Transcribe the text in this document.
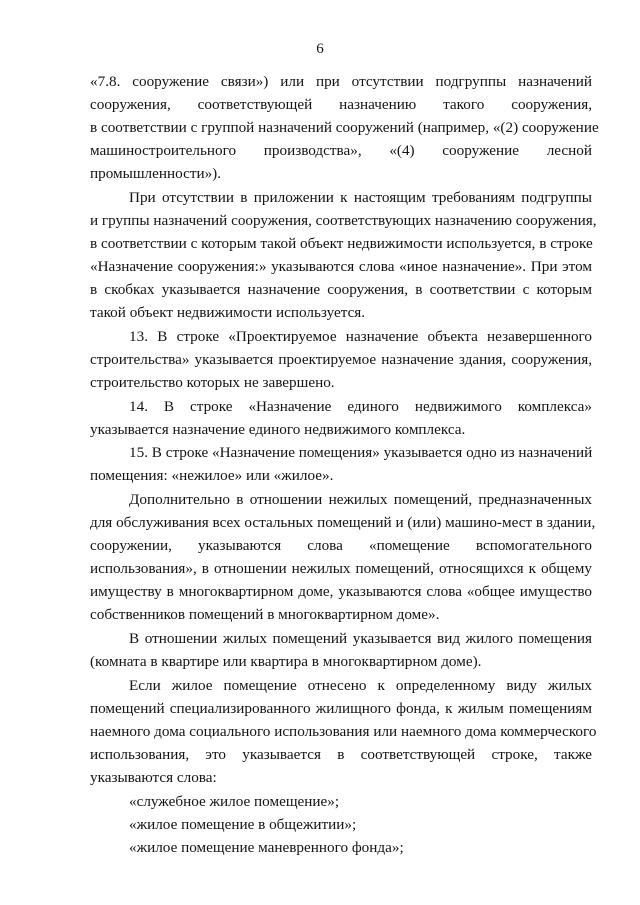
6
«7.8. сооружение связи») или при отсутствии подгруппы назначений
сооружения, соответствующей назначению такого сооружения,
в соответствии с группой назначений сооружений (например, «(2) сооружение
машиностроительного производства», «(4) сооружение лесной
промышленности»).
При отсутствии в приложении к настоящим требованиям подгруппы
и группы назначений сооружения, соответствующих назначению сооружения,
в соответствии с которым такой объект недвижимости используется, в строке
«Назначение сооружения:» указываются слова «иное назначение». При этом
в скобках указывается назначение сооружения, в соответствии с которым
такой объект недвижимости используется.
13. В строке «Проектируемое назначение объекта незавершенного
строительства» указывается проектируемое назначение здания, сооружения,
строительство которых не завершено.
14. В строке «Назначение единого недвижимого комплекса»
указывается назначение единого недвижимого комплекса.
15. В строке «Назначение помещения» указывается одно из назначений
помещения: «нежилое» или «жилое».
Дополнительно в отношении нежилых помещений, предназначенных
для обслуживания всех остальных помещений и (или) машино-мест в здании,
сооружении, указываются слова «помещение вспомогательного
использования», в отношении нежилых помещений, относящихся к общему
имуществу в многоквартирном доме, указываются слова «общее имущество
собственников помещений в многоквартирном доме».
В отношении жилых помещений указывается вид жилого помещения
(комната в квартире или квартира в многоквартирном доме).
Если жилое помещение отнесено к определенному виду жилых
помещений специализированного жилищного фонда, к жилым помещениям
наемного дома социального использования или наемного дома коммерческого
использования, это указывается в соответствующей строке, также
указываются слова:
«служебное жилое помещение»;
«жилое помещение в общежитии»;
«жилое помещение маневренного фонда»;
